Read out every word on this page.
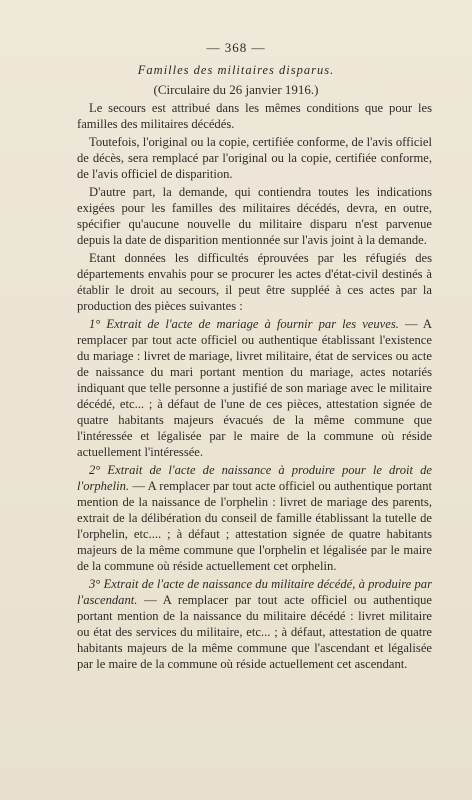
— 368 —
Familles des militaires disparus.
(Circulaire du 26 janvier 1916.)

Le secours est attribué dans les mêmes conditions que pour les familles des militaires décédés.

Toutefois, l'original ou la copie, certifiée conforme, de l'avis officiel de décès, sera remplacé par l'original ou la copie, certifiée conforme, de l'avis officiel de disparition.

D'autre part, la demande, qui contiendra toutes les indications exigées pour les familles des militaires décédés, devra, en outre, spécifier qu'aucune nouvelle du militaire disparu n'est parvenue depuis la date de disparition mentionnée sur l'avis joint à la demande.

Etant données les difficultés éprouvées par les réfugiés des départements envahis pour se procurer les actes d'état-civil destinés à établir le droit au secours, il peut être suppléé à ces actes par la production des pièces suivantes :

1° Extrait de l'acte de mariage à fournir par les veuves. — A remplacer par tout acte officiel ou authentique établissant l'existence du mariage : livret de mariage, livret militaire, état de services ou acte de naissance du mari portant mention du mariage, actes notariés indiquant que telle personne a justifié de son mariage avec le militaire décédé, etc... ; à défaut de l'une de ces pièces, attestation signée de quatre habitants majeurs évacués de la même commune que l'intéressée et légalisée par le maire de la commune où réside actuellement l'intéressée.

2° Extrait de l'acte de naissance à produire pour le droit de l'orphelin. — A remplacer par tout acte officiel ou authentique portant mention de la naissance de l'orphelin : livret de mariage des parents, extrait de la délibération du conseil de famille établissant la tutelle de l'orphelin, etc.... ; à défaut ; attestation signée de quatre habitants majeurs de la même commune que l'orphelin et légalisée par le maire de la commune où réside actuellement cet orphelin.

3° Extrait de l'acte de naissance du militaire décédé, à produire par l'ascendant. — A remplacer par tout acte officiel ou authentique portant mention de la naissance du militaire décédé : livret militaire ou état des services du militaire, etc... ; à défaut, attestation de quatre habitants majeurs de la même commune que l'ascendant et légalisée par le maire de la commune où réside actuellement cet ascendant.
